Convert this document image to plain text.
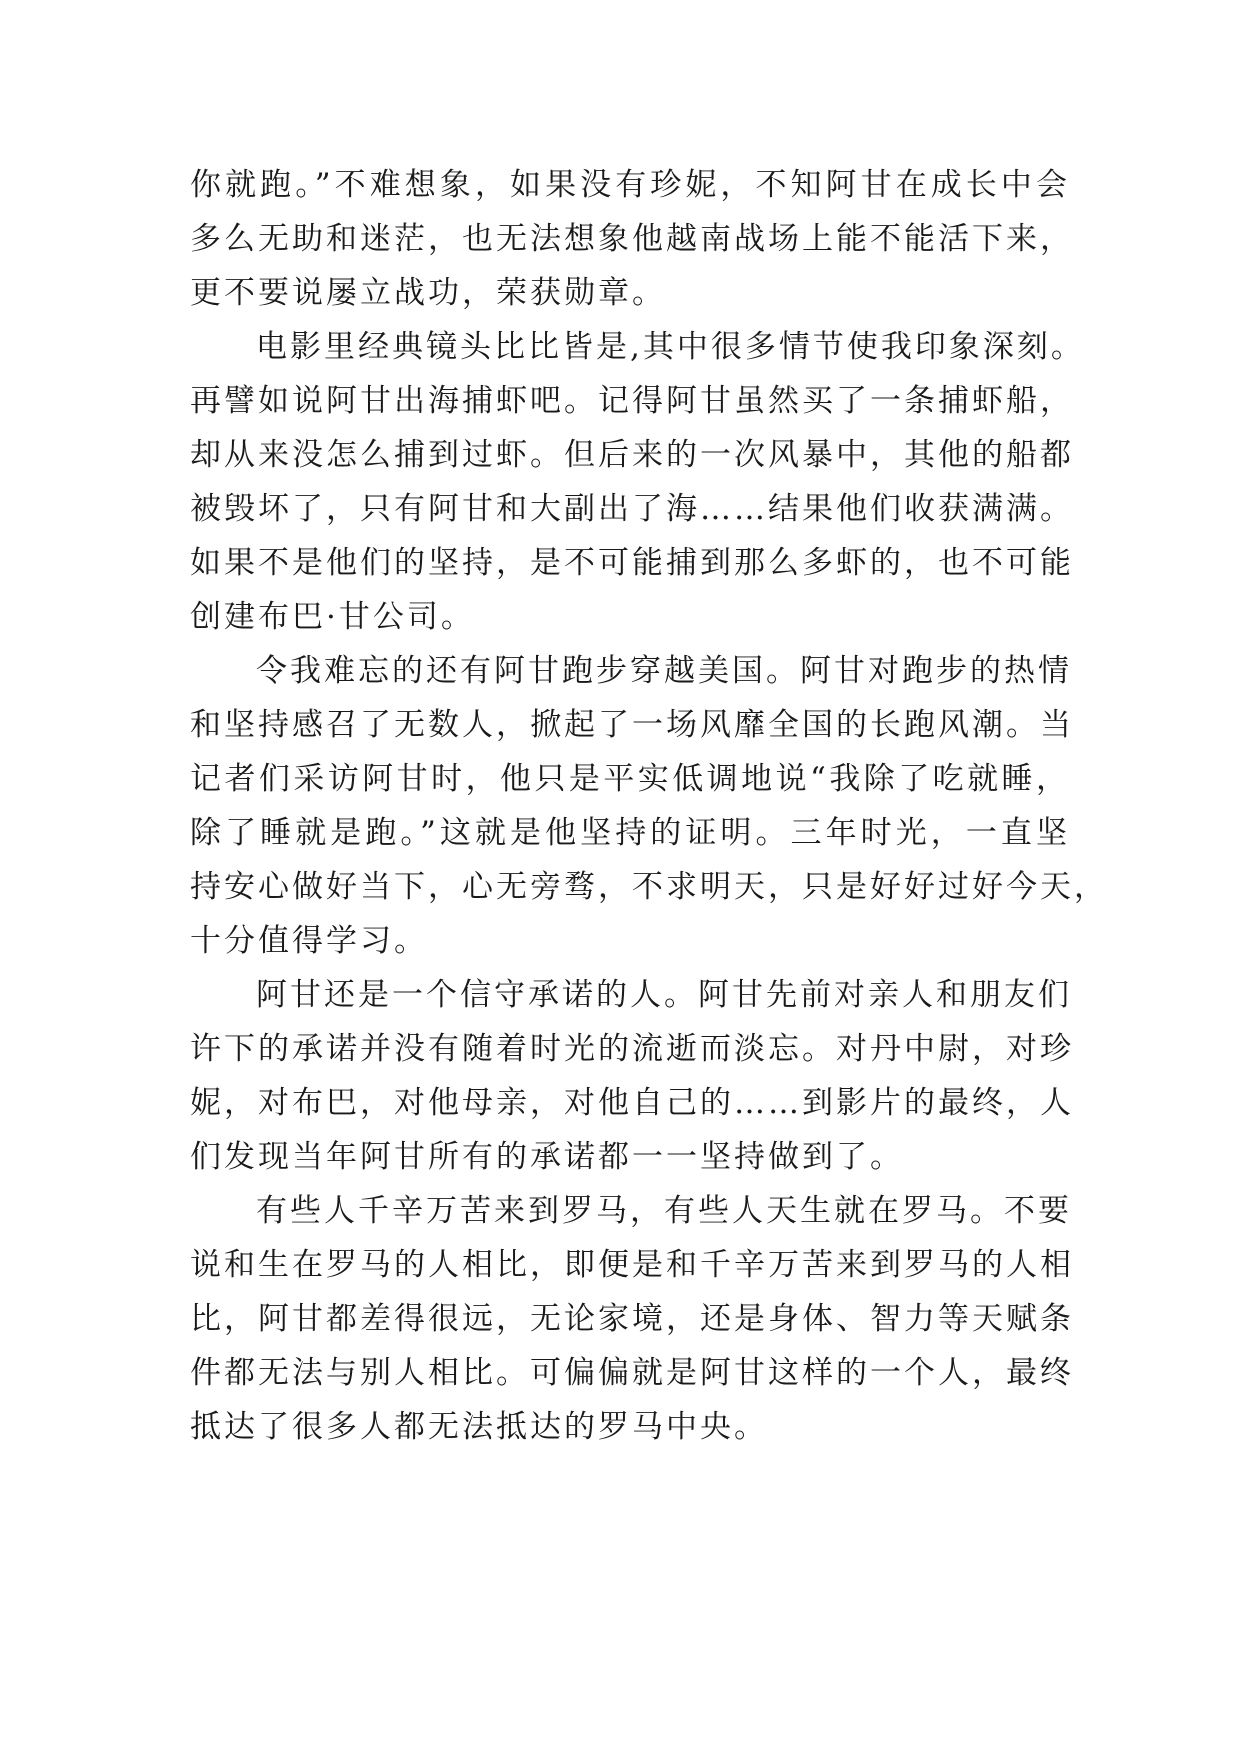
你就跑。”不难想象，如果没有珍妮，不知阿甘在成长中会
多么无助和迷茫，也无法想象他越南战场上能不能活下来，
更不要说屡立战功，荣获勋章。
电影里经典镜头比比皆是,其中很多情节使我印象深刻。
再譬如说阿甘出海捕虾吧。记得阿甘虽然买了一条捕虾船，
却从来没怎么捕到过虾。但后来的一次风暴中，其他的船都
被毁坏了，只有阿甘和大副出了海……结果他们收获满满。
如果不是他们的坚持，是不可能捕到那么多虾的，也不可能
创建布巴·甘公司。
令我难忘的还有阿甘跑步穿越美国。阿甘对跑步的热情
和坚持感召了无数人，掀起了一场风靡全国的长跑风潮。当
记者们采访阿甘时，他只是平实低调地说“我除了吃就睡，
除了睡就是跑。”这就是他坚持的证明。三年时光，一直坚
持安心做好当下，心无旁骛，不求明天，只是好好过好今天，
十分值得学习。
阿甘还是一个信守承诺的人。阿甘先前对亲人和朋友们
许下的承诺并没有随着时光的流逝而淡忘。对丹中尉，对珍
妮，对布巴，对他母亲，对他自己的……到影片的最终，人
们发现当年阿甘所有的承诺都一一坚持做到了。
有些人千辛万苦来到罗马，有些人天生就在罗马。不要
说和生在罗马的人相比，即便是和千辛万苦来到罗马的人相
比，阿甘都差得很远，无论家境，还是身体、智力等天赋条
件都无法与别人相比。可偏偏就是阿甘这样的一个人，最终
抵达了很多人都无法抵达的罗马中央。
